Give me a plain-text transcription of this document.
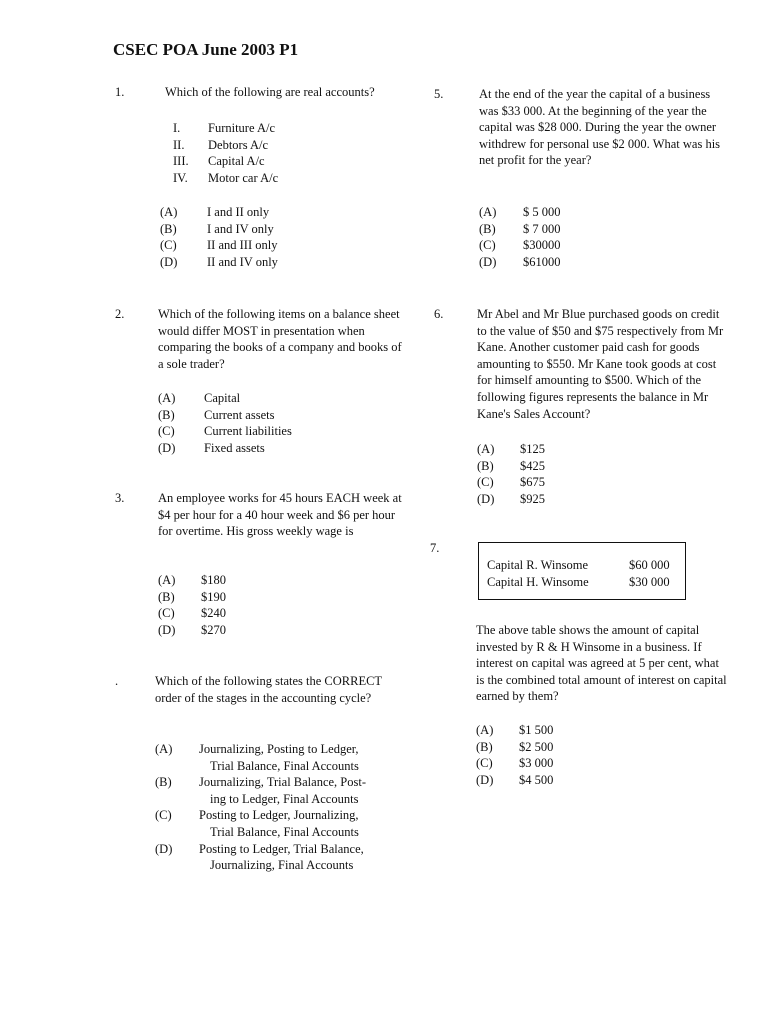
CSEC POA June 2003 P1
1.	Which of the following are real accounts?
I. Furniture A/c
II. Debtors A/c
III. Capital A/c
IV. Motor car A/c
(A) I and II only
(B) I and IV only
(C) II and III only
(D) II and IV only
2.	Which of the following items on a balance sheet would differ MOST in presentation when comparing the books of a company and books of a sole trader?
(A) Capital
(B) Current assets
(C) Current liabilities
(D) Fixed assets
3.	An employee works for 45 hours EACH week at $4 per hour for a 40 hour week and $6 per hour for overtime. His gross weekly wage is
(A) $180
(B) $190
(C) $240
(D) $270
.	Which of the following states the CORRECT order of the stages in the accounting cycle?
(A) Journalizing, Posting to Ledger,
Trial Balance, Final Accounts
(B) Journalizing, Trial Balance, Post-
ing to Ledger, Final Accounts
(C) Posting to Ledger, Journalizing,
Trial Balance, Final Accounts
(D) Posting to Ledger, Trial Balance,
Journalizing, Final Accounts
5.	At the end of the year the capital of a business was $33 000. At the beginning of the year the capital was $28 000. During the year the owner withdrew for personal use $2 000. What was his net profit for the year?
(A) $ 5 000
(B) $ 7 000
(C) $30000
(D) $61000
6.	Mr Abel and Mr Blue purchased goods on credit to the value of $50 and $75 respectively from Mr Kane. Another customer paid cash for goods amounting to $550. Mr Kane took goods at cost for himself amounting to $500. Which of the following figures represents the balance in Mr Kane's Sales Account?
(A) $125
(B) $425
(C) $675
(D) $925
7.
Capital R. Winsome	$60 000
Capital H. Winsome	$30 000
The above table shows the amount of capital invested by R & H Winsome in a business. If interest on capital was agreed at 5 per cent, what is the combined total amount of interest on capital earned by them?
(A) $1 500
(B) $2 500
(C) $3 000
(D) $4 500
